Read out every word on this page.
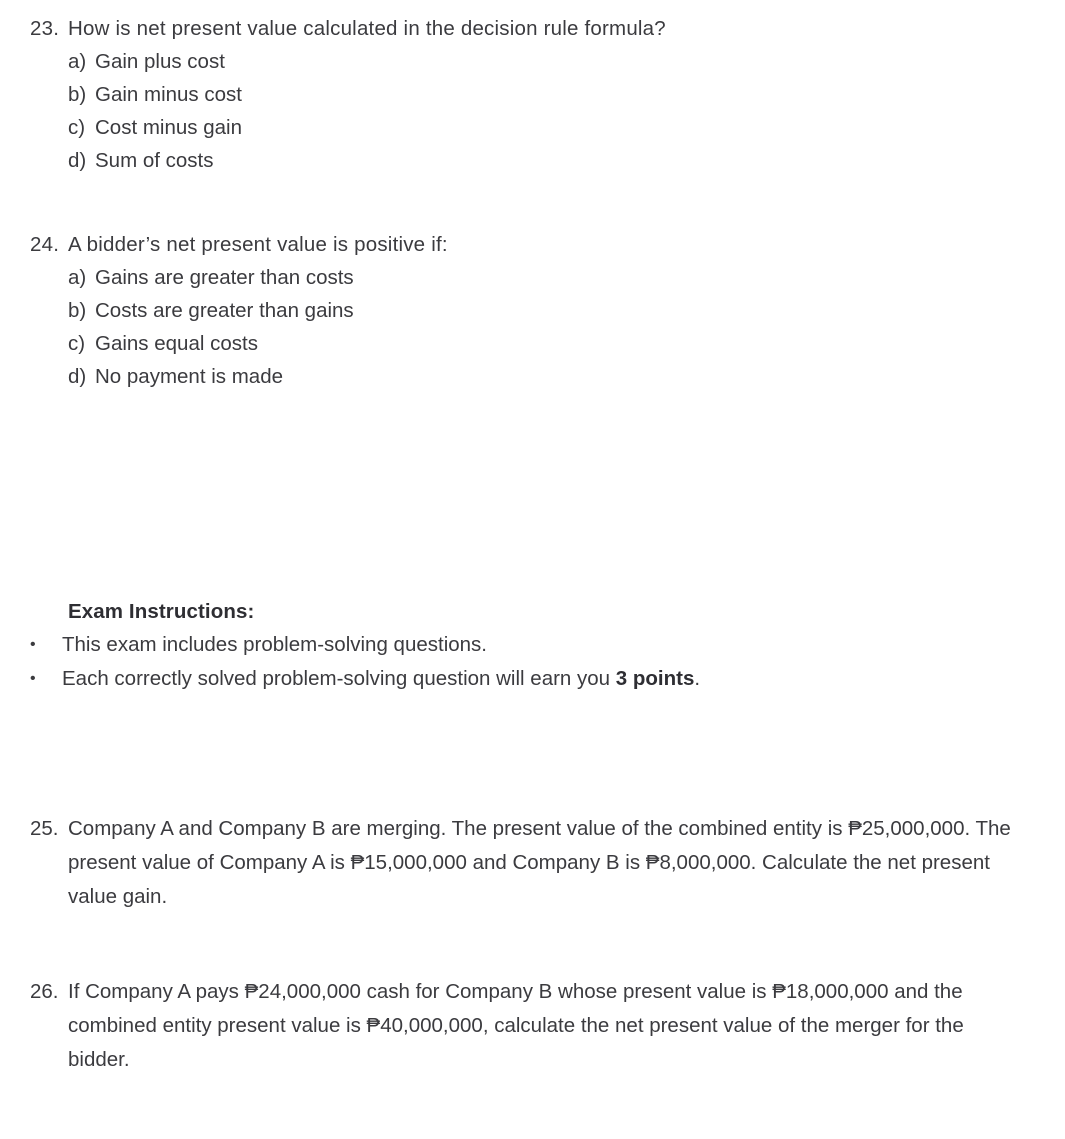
23. How is net present value calculated in the decision rule formula?
a) Gain plus cost
b) Gain minus cost
c) Cost minus gain
d) Sum of costs
24. A bidder’s net present value is positive if:
a) Gains are greater than costs
b) Costs are greater than gains
c) Gains equal costs
d) No payment is made
Exam Instructions:
•	This exam includes problem-solving questions.
•	Each correctly solved problem-solving question will earn you 3 points.
25. Company A and Company B are merging. The present value of the combined entity is ₱25,000,000. The present value of Company A is ₱15,000,000 and Company B is ₱8,000,000. Calculate the net present value gain.
26. If Company A pays ₱24,000,000 cash for Company B whose present value is ₱18,000,000 and the combined entity present value is ₱40,000,000, calculate the net present value of the merger for the bidder.
